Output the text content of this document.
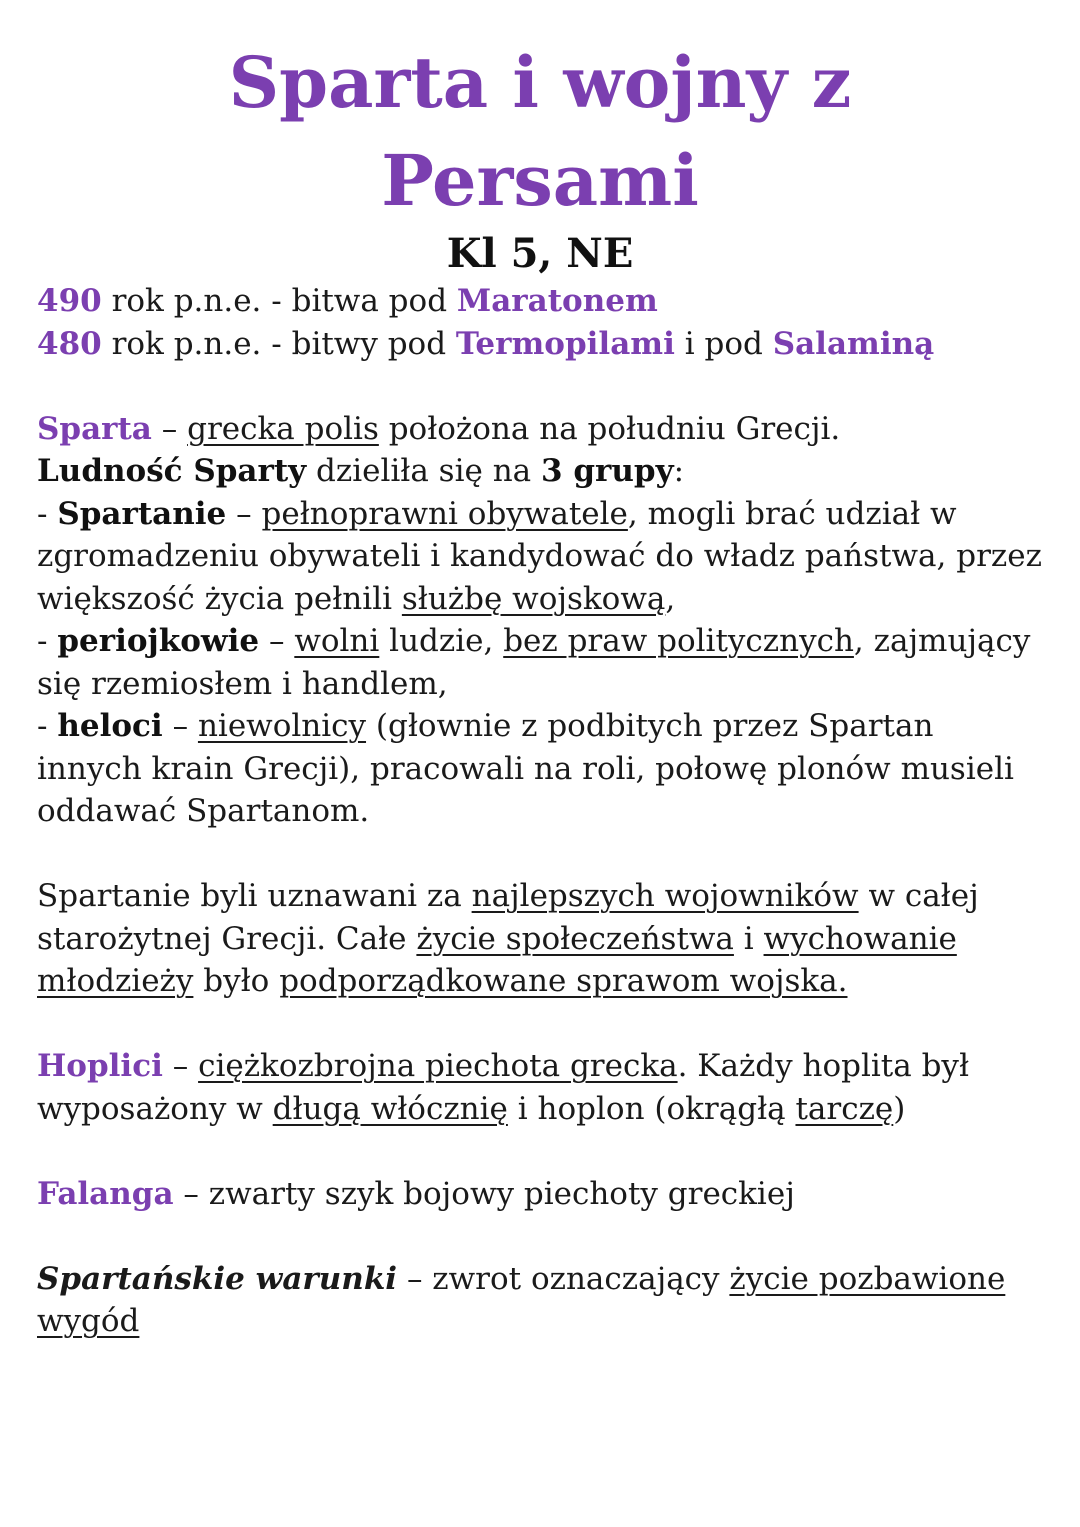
Sparta i wojny z
Persami
Kl 5, NE

490 rok p.n.e. - bitwa pod Maratonem

480 rok p.n.e. - bitwy pod Termopilami i pod Salaminą

Sparta – grecka polis położona na południu Grecji.

Ludność Sparty dzieliła się na 3 grupy:

- Spartanie – pełnoprawni obywatele, mogli brać udział w zgromadzeniu obywateli i kandydować do władz państwa, przez większość życia pełnili służbę wojskową,

- periojkowie – wolni ludzie, bez praw politycznych, zajmujący się rzemiosłem i handlem,

- heloci – niewolnicy (głownie z podbitych przez Spartan innych krain Grecji), pracowali na roli, połowę plonów musieli oddawać Spartanom.

Spartanie byli uznawani za najlepszych wojowników w całej starożytnej Grecji. Całe życie społeczeństwa i wychowanie młodzieży było podporządkowane sprawom wojska.

Hoplici – ciężkozbrojna piechota grecka. Każdy hoplita był wyposażony w długą włócznię i hoplon (okrągłą tarczę)

Falanga – zwarty szyk bojowy piechoty greckiej

Spartańskie warunki – zwrot oznaczający życie pozbawione wygód
